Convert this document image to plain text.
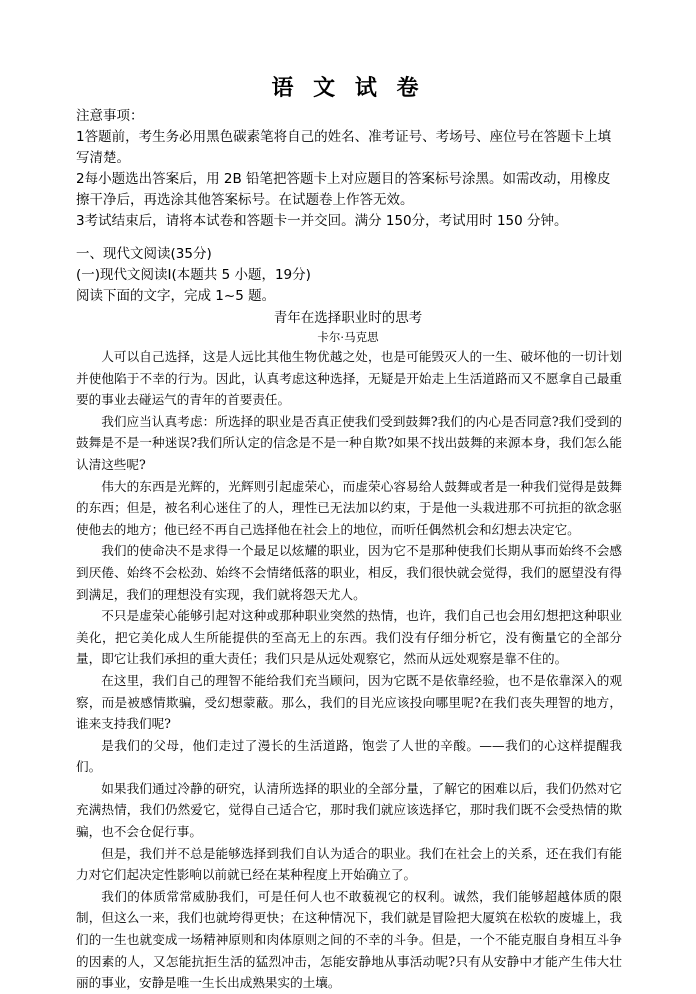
语 文 试 卷
注意事项：
1答题前，考生务必用黑色碳素笔将自己的姓名、准考证号、考场号、座位号在答题卡上填写清楚。
2每小题选出答案后，用 2B 铅笔把答题卡上对应题目的答案标号涂黑。如需改动，用橡皮擦干净后，再选涂其他答案标号。在试题卷上作答无效。
3考试结束后，请将本试卷和答题卡一并交回。满分 150分，考试用时 150 分钟。
一、现代文阅读(35分)
(一)现代文阅读Ⅰ(本题共 5 小题，19分)
阅读下面的文字，完成 1~5 题。
青年在选择职业时的思考
卡尔·马克思

人可以自己选择，这是人远比其他生物优越之处，也是可能毁灭人的一生、破坏他的一切计划并使他陷于不幸的行为。因此，认真考虑这种选择，无疑是开始走上生活道路而又不愿拿自己最重要的事业去碰运气的青年的首要责任。

我们应当认真考虑：所选择的职业是否真正使我们受到鼓舞?我们的内心是否同意?我们受到的鼓舞是不是一种迷误?我们所认定的信念是不是一种自欺?如果不找出鼓舞的来源本身，我们怎么能认清这些呢?

伟大的东西是光辉的，光辉则引起虚荣心，而虚荣心容易给人鼓舞或者是一种我们觉得是鼓舞的东西；但是，被名利心迷住了的人，理性已无法加以约束，于是他一头栽进那不可抗拒的欲念驱使他去的地方；他已经不再自己选择他在社会上的地位，而听任偶然机会和幻想去决定它。

我们的使命决不是求得一个最足以炫耀的职业，因为它不是那种使我们长期从事而始终不会感到厌倦、始终不会松劲、始终不会情绪低落的职业，相反，我们很快就会觉得，我们的愿望没有得到满足，我们的理想没有实现，我们就将怨天尤人。

不只是虚荣心能够引起对这种或那种职业突然的热情，也许，我们自己也会用幻想把这种职业美化，把它美化成人生所能提供的至高无上的东西。我们没有仔细分析它，没有衡量它的全部分量，即它让我们承担的重大责任；我们只是从远处观察它，然而从远处观察是靠不住的。

在这里，我们自己的理智不能给我们充当顾问，因为它既不是依靠经验，也不是依靠深入的观察，而是被感情欺骗，受幻想蒙蔽。那么，我们的目光应该投向哪里呢?在我们丧失理智的地方，谁来支持我们呢?

是我们的父母，他们走过了漫长的生活道路，饱尝了人世的辛酸。——我们的心这样提醒我们。

如果我们通过冷静的研究，认清所选择的职业的全部分量，了解它的困难以后，我们仍然对它充满热情，我们仍然爱它，觉得自己适合它，那时我们就应该选择它，那时我们既不会受热情的欺骗，也不会仓促行事。

但是，我们并不总是能够选择到我们自认为适合的职业。我们在社会上的关系，还在我们有能力对它们起决定性影响以前就已经在某种程度上开始确立了。

我们的体质常常威胁我们，可是任何人也不敢藐视它的权利。诚然，我们能够超越体质的限制，但这么一来，我们也就垮得更快；在这种情况下，我们就是冒险把大厦筑在松软的废墟上，我们的一生也就变成一场精神原则和肉体原则之间的不幸的斗争。但是，一个不能克服自身相互斗争的因素的人，又怎能抗拒生活的猛烈冲击，怎能安静地从事活动呢?只有从安静中才能产生伟大壮丽的事业，安静是唯一生长出成熟果实的土壤。
